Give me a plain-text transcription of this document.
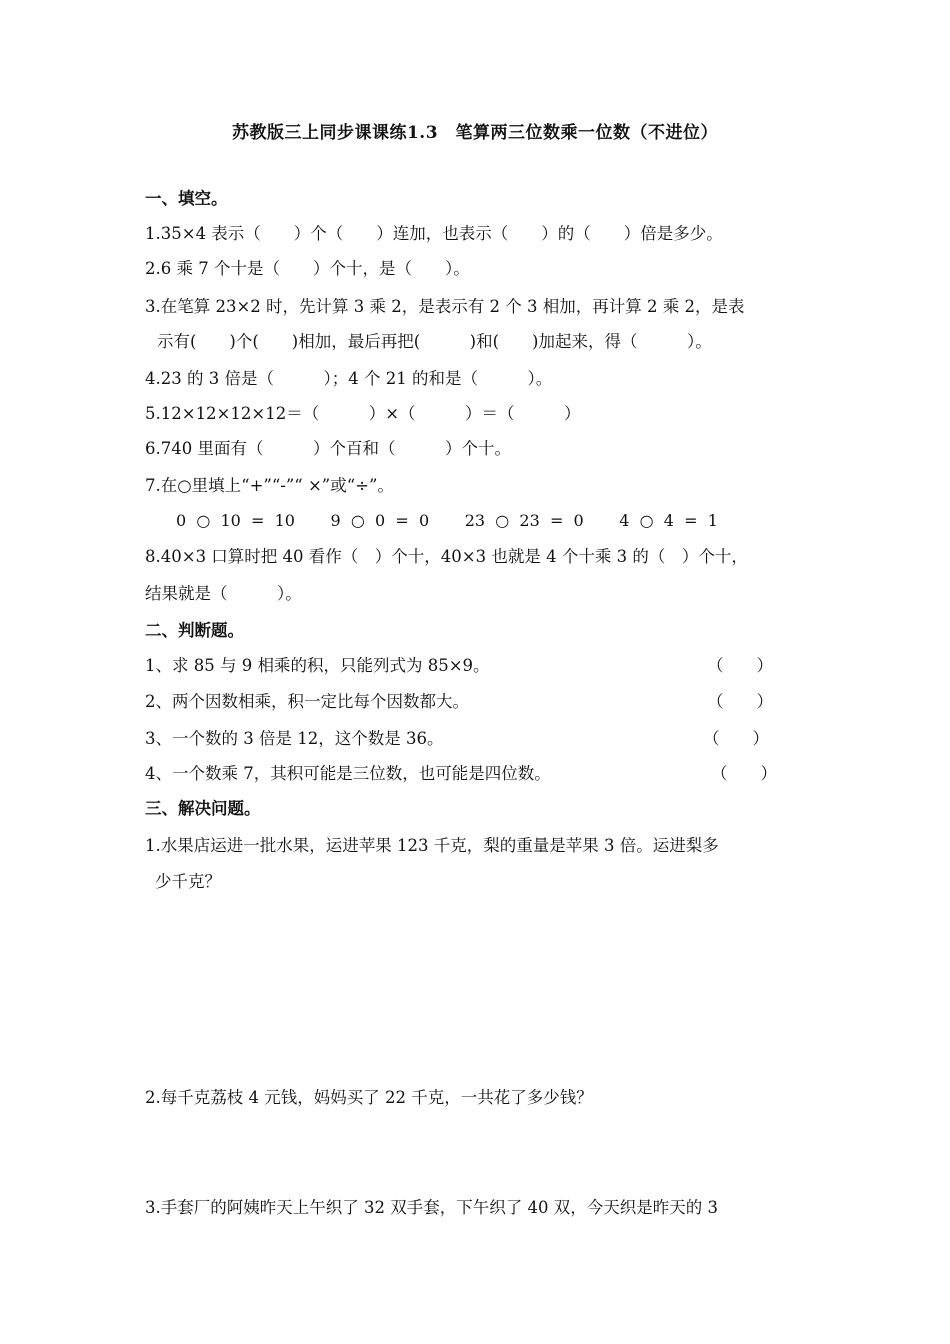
苏教版三上同步课课练1.3　笔算两三位数乘一位数（不进位）
一、填空。
1.35×4 表示（　　）个（　　）连加，也表示（　　）的（　　）倍是多少。
2.6 乘 7 个十是（　　）个十，是（　　）。
3.在笔算 23×2 时，先计算 3 乘 2，是表示有 2 个 3 相加，再计算 2 乘 2，是表
示有(　　)个(　　)相加，最后再把(　　　)和(　　)加起来，得（　　　）。
4.23 的 3 倍是（　　　）；4 个 21 的和是（　　　）。
5.12×12×12×12＝（　　　）×（　　　）＝（　　　）
6.740 里面有（　　　）个百和（　　　）个十。
7.在○里填上“+”“-”“ ×”或“÷”。
0  ○  10  =  10       9  ○  0  =  0       23  ○  23  =  0       4  ○  4  =  1
8.40×3 口算时把 40 看作（　）个十，40×3 也就是 4 个十乘 3 的（　）个十，
结果就是（　　　）。
二、判断题。
1、求 85 与 9 相乘的积，只能列式为 85×9。	（　　）
2、两个因数相乘，积一定比每个因数都大。	（　　）
3、一个数的 3 倍是 12，这个数是 36。	（　　）
4、一个数乘 7，其积可能是三位数，也可能是四位数。	（　　）
三、解决问题。
1.水果店运进一批水果，运进苹果 123 千克，梨的重量是苹果 3 倍。运进梨多
少千克？
2.每千克荔枝 4 元钱，妈妈买了 22 千克，一共花了多少钱？
3.手套厂的阿姨昨天上午织了 32 双手套，下午织了 40 双，今天织是昨天的 3
